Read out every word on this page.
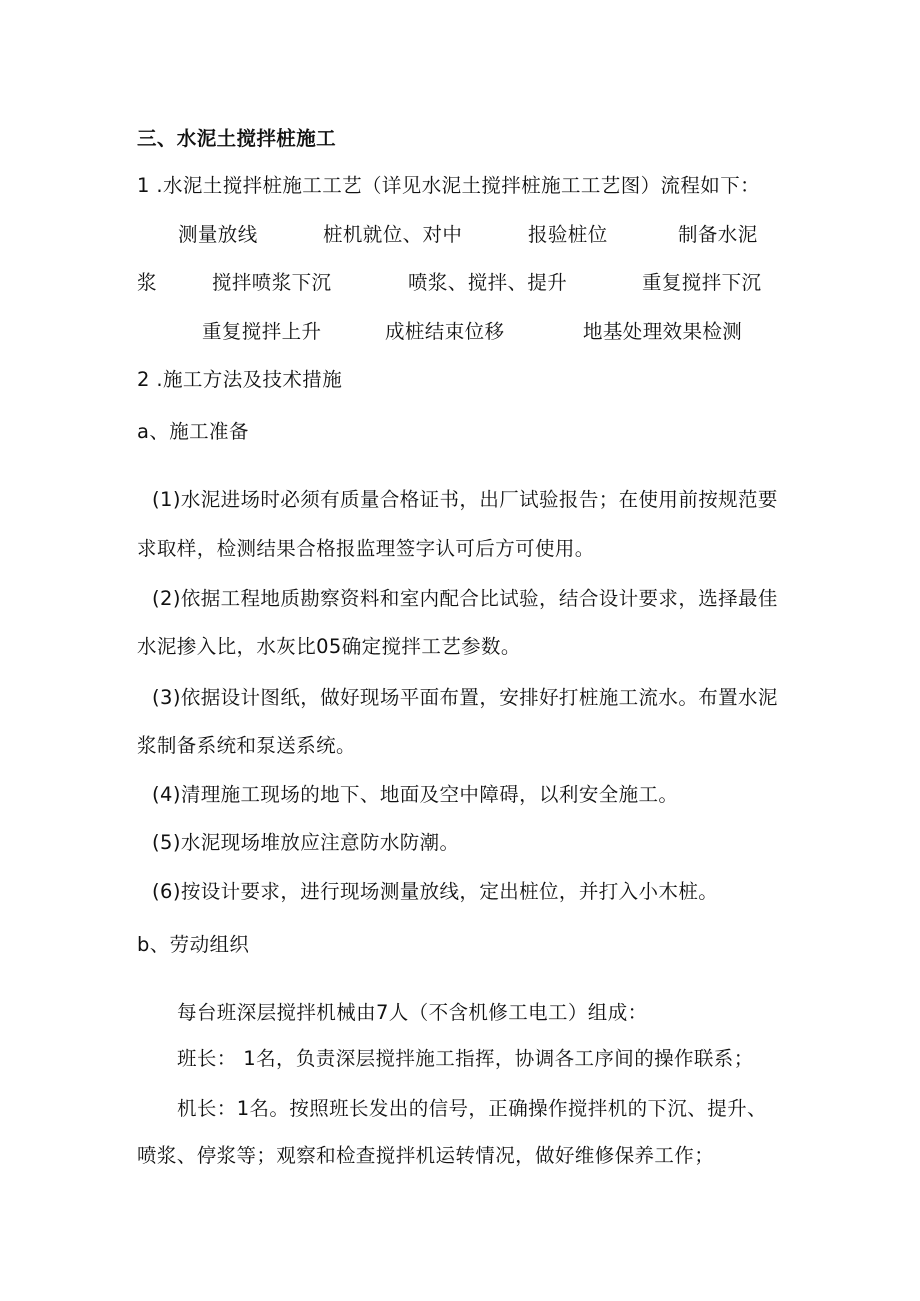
三、水泥土搅拌桩施工
1 .水泥土搅拌桩施工工艺（详见水泥土搅拌桩施工工艺图）流程如下：
测量放线	桩机就位、对中	报验桩位	制备水泥
浆	搅拌喷浆下沉	喷浆、搅拌、提升	重复搅拌下沉
重复搅拌上升	成桩结束位移	地基处理效果检测
2 .施工方法及技术措施
a、施工准备
(1)水泥进场时必须有质量合格证书，出厂试验报告；在使用前按规范要
求取样，检测结果合格报监理签字认可后方可使用。
(2)依据工程地质勘察资料和室内配合比试验，结合设计要求，选择最佳
水泥掺入比，水灰比05确定搅拌工艺参数。
(3)依据设计图纸，做好现场平面布置，安排好打桩施工流水。布置水泥
浆制备系统和泵送系统。
(4)清理施工现场的地下、地面及空中障碍，以利安全施工。
(5)水泥现场堆放应注意防水防潮。
(6)按设计要求，进行现场测量放线，定出桩位，并打入小木桩。
b、劳动组织
每台班深层搅拌机械由7人（不含机修工电工）组成：
班长： 1名，负责深层搅拌施工指挥，协调各工序间的操作联系；
机长：1名。按照班长发出的信号，正确操作搅拌机的下沉、提升、
喷浆、停浆等；观察和检查搅拌机运转情况，做好维修保养工作；
